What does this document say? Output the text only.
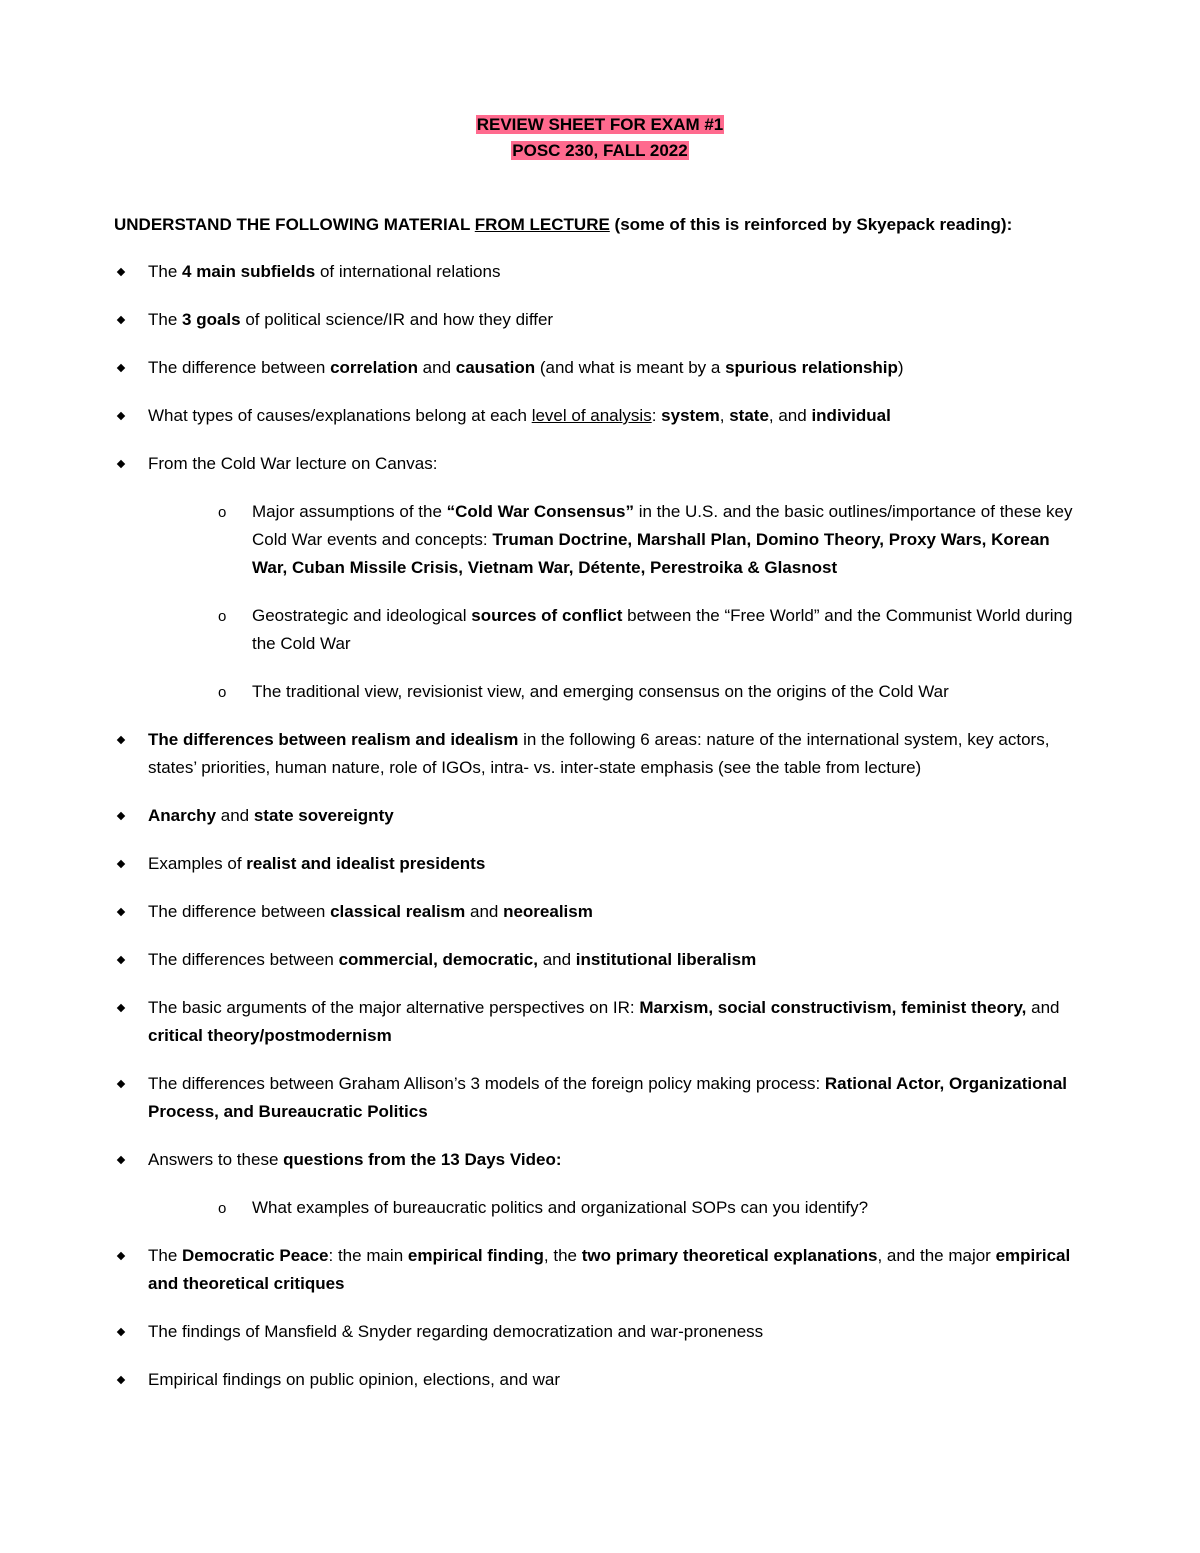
REVIEW SHEET FOR EXAM #1
POSC 230, FALL 2022
UNDERSTAND THE FOLLOWING MATERIAL FROM LECTURE (some of this is reinforced by Skyepack reading):
The 4 main subfields of international relations
The 3 goals of political science/IR and how they differ
The difference between correlation and causation (and what is meant by a spurious relationship)
What types of causes/explanations belong at each level of analysis: system, state, and individual
From the Cold War lecture on Canvas:
o Major assumptions of the “Cold War Consensus” in the U.S. and the basic outlines/importance of these key Cold War events and concepts: Truman Doctrine, Marshall Plan, Domino Theory, Proxy Wars, Korean War, Cuban Missile Crisis, Vietnam War, Détente, Perestroika & Glasnost
o Geostrategic and ideological sources of conflict between the “Free World” and the Communist World during the Cold War
o The traditional view, revisionist view, and emerging consensus on the origins of the Cold War
The differences between realism and idealism in the following 6 areas: nature of the international system, key actors, states’ priorities, human nature, role of IGOs, intra- vs. inter-state emphasis (see the table from lecture)
Anarchy and state sovereignty
Examples of realist and idealist presidents
The difference between classical realism and neorealism
The differences between commercial, democratic, and institutional liberalism
The basic arguments of the major alternative perspectives on IR: Marxism, social constructivism, feminist theory, and critical theory/postmodernism
The differences between Graham Allison’s 3 models of the foreign policy making process: Rational Actor, Organizational Process, and Bureaucratic Politics
Answers to these questions from the 13 Days Video:
o What examples of bureaucratic politics and organizational SOPs can you identify?
The Democratic Peace: the main empirical finding, the two primary theoretical explanations, and the major empirical and theoretical critiques
The findings of Mansfield & Snyder regarding democratization and war-proneness
Empirical findings on public opinion, elections, and war
